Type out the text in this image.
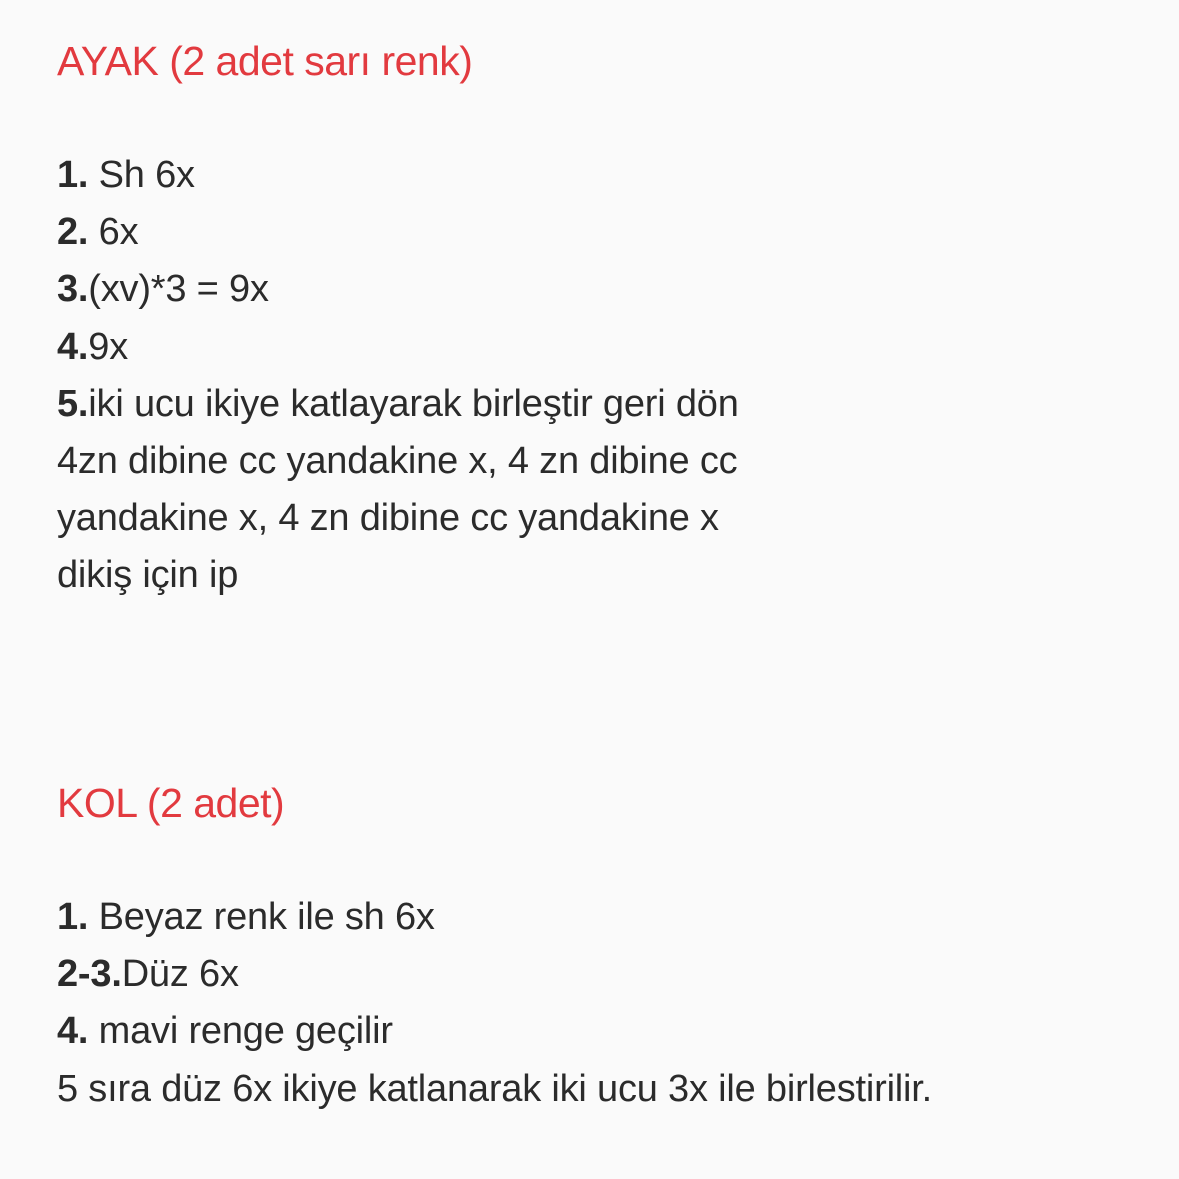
AYAK (2 adet sarı renk)
1. Sh 6x
2. 6x
3.(xv)*3 = 9x
4.9x
5.iki ucu ikiye katlayarak birleştir geri dön
4zn dibine cc yandakine x, 4 zn dibine cc
yandakine x, 4 zn dibine cc yandakine x
dikiş için ip
KOL (2 adet)
1. Beyaz renk ile sh 6x
2-3.Düz 6x
4. mavi renge geçilir
5 sıra düz 6x ikiye katlanarak iki ucu 3x ile birlestirilir.
